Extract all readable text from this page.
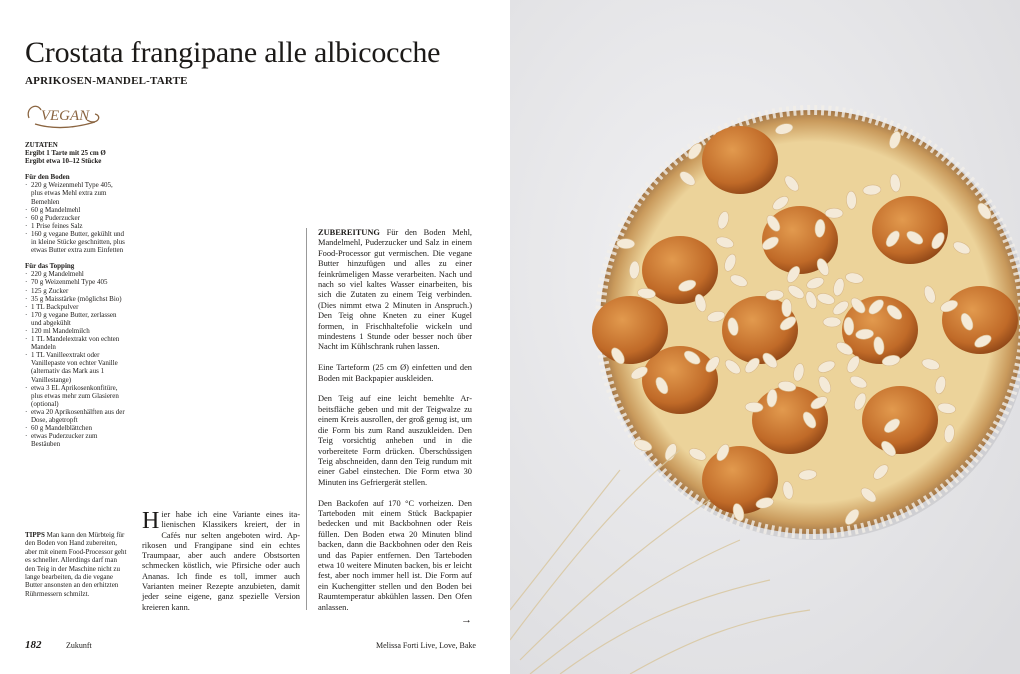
Crostata frangipane alle albicocche
APRIKOSEN-MANDEL-TARTE
VEGAN
ZUTATEN
Ergibt 1 Tarte mit 25 cm Ø
Ergibt etwa 10–12 Stücke
Für den Boden
· 220 g Weizenmehl Type 405, plus etwas Mehl extra zum Bemehlen
· 60 g Mandelmehl
· 60 g Puderzucker
· 1 Prise feines Salz
· 160 g vegane Butter, gekühlt und in kleine Stücke geschnitten, plus etwas Butter extra zum Einfetten
Für das Topping
· 220 g Mandelmehl
· 70 g Weizenmehl Type 405
· 125 g Zucker
· 35 g Maisstärke (möglichst Bio)
· 1 TL Backpulver
· 170 g vegane Butter, zerlassen und abgekühlt
· 120 ml Mandelmilch
· 1 TL Mandelextrakt von echten Mandeln
· 1 TL Vanilleextrakt oder Vanillepaste von echter Vanille (alternativ das Mark aus 1 Vanillestange)
· etwa 3 EL Aprikosenkonfitüre, plus etwas mehr zum Glasieren (optional)
· etwa 20 Aprikosenhälften aus der Dose, abgetropft
· 60 g Mandelblättchen
· etwas Puderzucker zum Bestäuben
TIPPS Man kann den Mürbteig für den Boden von Hand zubereiten, aber mit einem Food-Processor geht es schneller. Allerdings darf man den Teig in der Maschine nicht zu lange bearbeiten, da die vegane Butter ansonsten an den erhitzten Rührmessern schmilzt.
Hier habe ich eine Variante eines italienischen Klassikers kreiert, der in Cafés nur selten angeboten wird. Aprikosen und Frangipane sind ein echtes Traumpaar, aber auch andere Obstsorten schmecken köstlich, wie Pfirsiche oder auch Ananas. Ich finde es toll, immer auch Varianten meiner Rezepte anzubieten, damit jeder seine eigene, ganz spezielle Version kreieren kann.

ZUBEREITUNG Für den Boden Mehl, Mandelmehl, Puderzucker und Salz in einem Food-Processor gut vermischen. Die vegane Butter hinzufügen und alles zu einer feinkrümeligen Masse verarbeiten. Nach und nach so viel kaltes Wasser einarbeiten, bis sich die Zutaten zu einem Teig verbinden. (Dies nimmt etwa 2 Minuten in Anspruch.) Den Teig ohne Kneten zu einer Kugel formen, in Frischhaltefolie wickeln und mindestens 1 Stunde oder besser noch über Nacht im Kühlschrank ruhen lassen.

Eine Tarteform (25 cm Ø) einfetten und den Boden mit Backpapier auskleiden.

Den Teig auf eine leicht bemehlte Arbeitsfläche geben und mit der Teigwalze zu einem Kreis ausrollen, der groß genug ist, um die Form bis zum Rand auszukleiden. Den Teig vorsichtig anheben und in die vorbereitete Form drücken. Überschüssigen Teig abschneiden, dann den Teig rundum mit einer Gabel einstechen. Die Form etwa 30 Minuten ins Gefriergerät stellen.

Den Backofen auf 170 °C vorheizen. Den Tarteboden mit einem Stück Backpapier bedecken und mit Backbohnen oder Reis füllen. Den Boden etwa 20 Minuten blind backen, dann die Backbohnen oder den Reis und das Papier entfernen. Den Tarteboden etwa 10 weitere Minuten backen, bis er leicht fest, aber noch immer hell ist. Die Form auf ein Kuchengitter stellen und den Boden bei Raumtemperatur abkühlen lassen. Den Ofen anlassen.

→
182	Zukunft	Melissa Forti Live, Love, Bake
